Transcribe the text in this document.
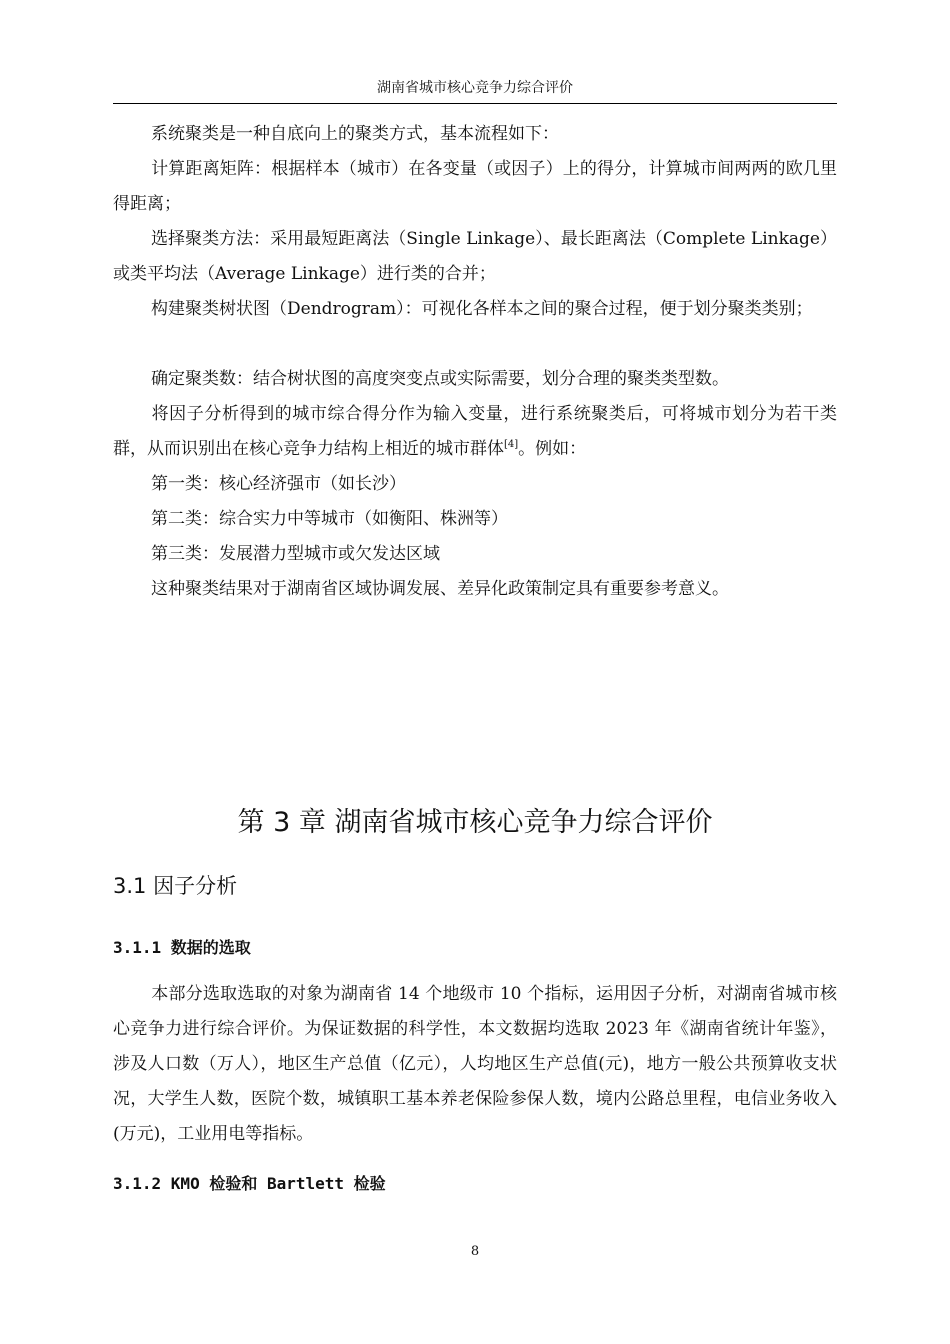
湖南省城市核心竞争力综合评价

系统聚类是一种自底向上的聚类方式，基本流程如下：

计算距离矩阵：根据样本（城市）在各变量（或因子）上的得分，计算城市间两两的欧几里得距离；

选择聚类方法：采用最短距离法（Single Linkage）、最长距离法（Complete Linkage）或类平均法（Average Linkage）进行类的合并；

构建聚类树状图（Dendrogram）：可视化各样本之间的聚合过程，便于划分聚类类别；

确定聚类数：结合树状图的高度突变点或实际需要，划分合理的聚类类型数。

将因子分析得到的城市综合得分作为输入变量，进行系统聚类后，可将城市划分为若干类群，从而识别出在核心竞争力结构上相近的城市群体[4]。例如：

第一类：核心经济强市（如长沙）
第二类：综合实力中等城市（如衡阳、株洲等）
第三类：发展潜力型城市或欠发达区域

这种聚类结果对于湖南省区域协调发展、差异化政策制定具有重要参考意义。

第 3 章 湖南省城市核心竞争力综合评价
3.1 因子分析
3.1.1 数据的选取

本部分选取选取的对象为湖南省 14 个地级市 10 个指标，运用因子分析，对湖南省城市核心竞争力进行综合评价。为保证数据的科学性，本文数据均选取 2023 年《湖南省统计年鉴》，涉及人口数（万人），地区生产总值（亿元），人均地区生产总值(元)，地方一般公共预算收支状况，大学生人数，医院个数，城镇职工基本养老保险参保人数，境内公路总里程，电信业务收入 (万元)，工业用电等指标。

3.1.2 KMO 检验和 Bartlett 检验
8
